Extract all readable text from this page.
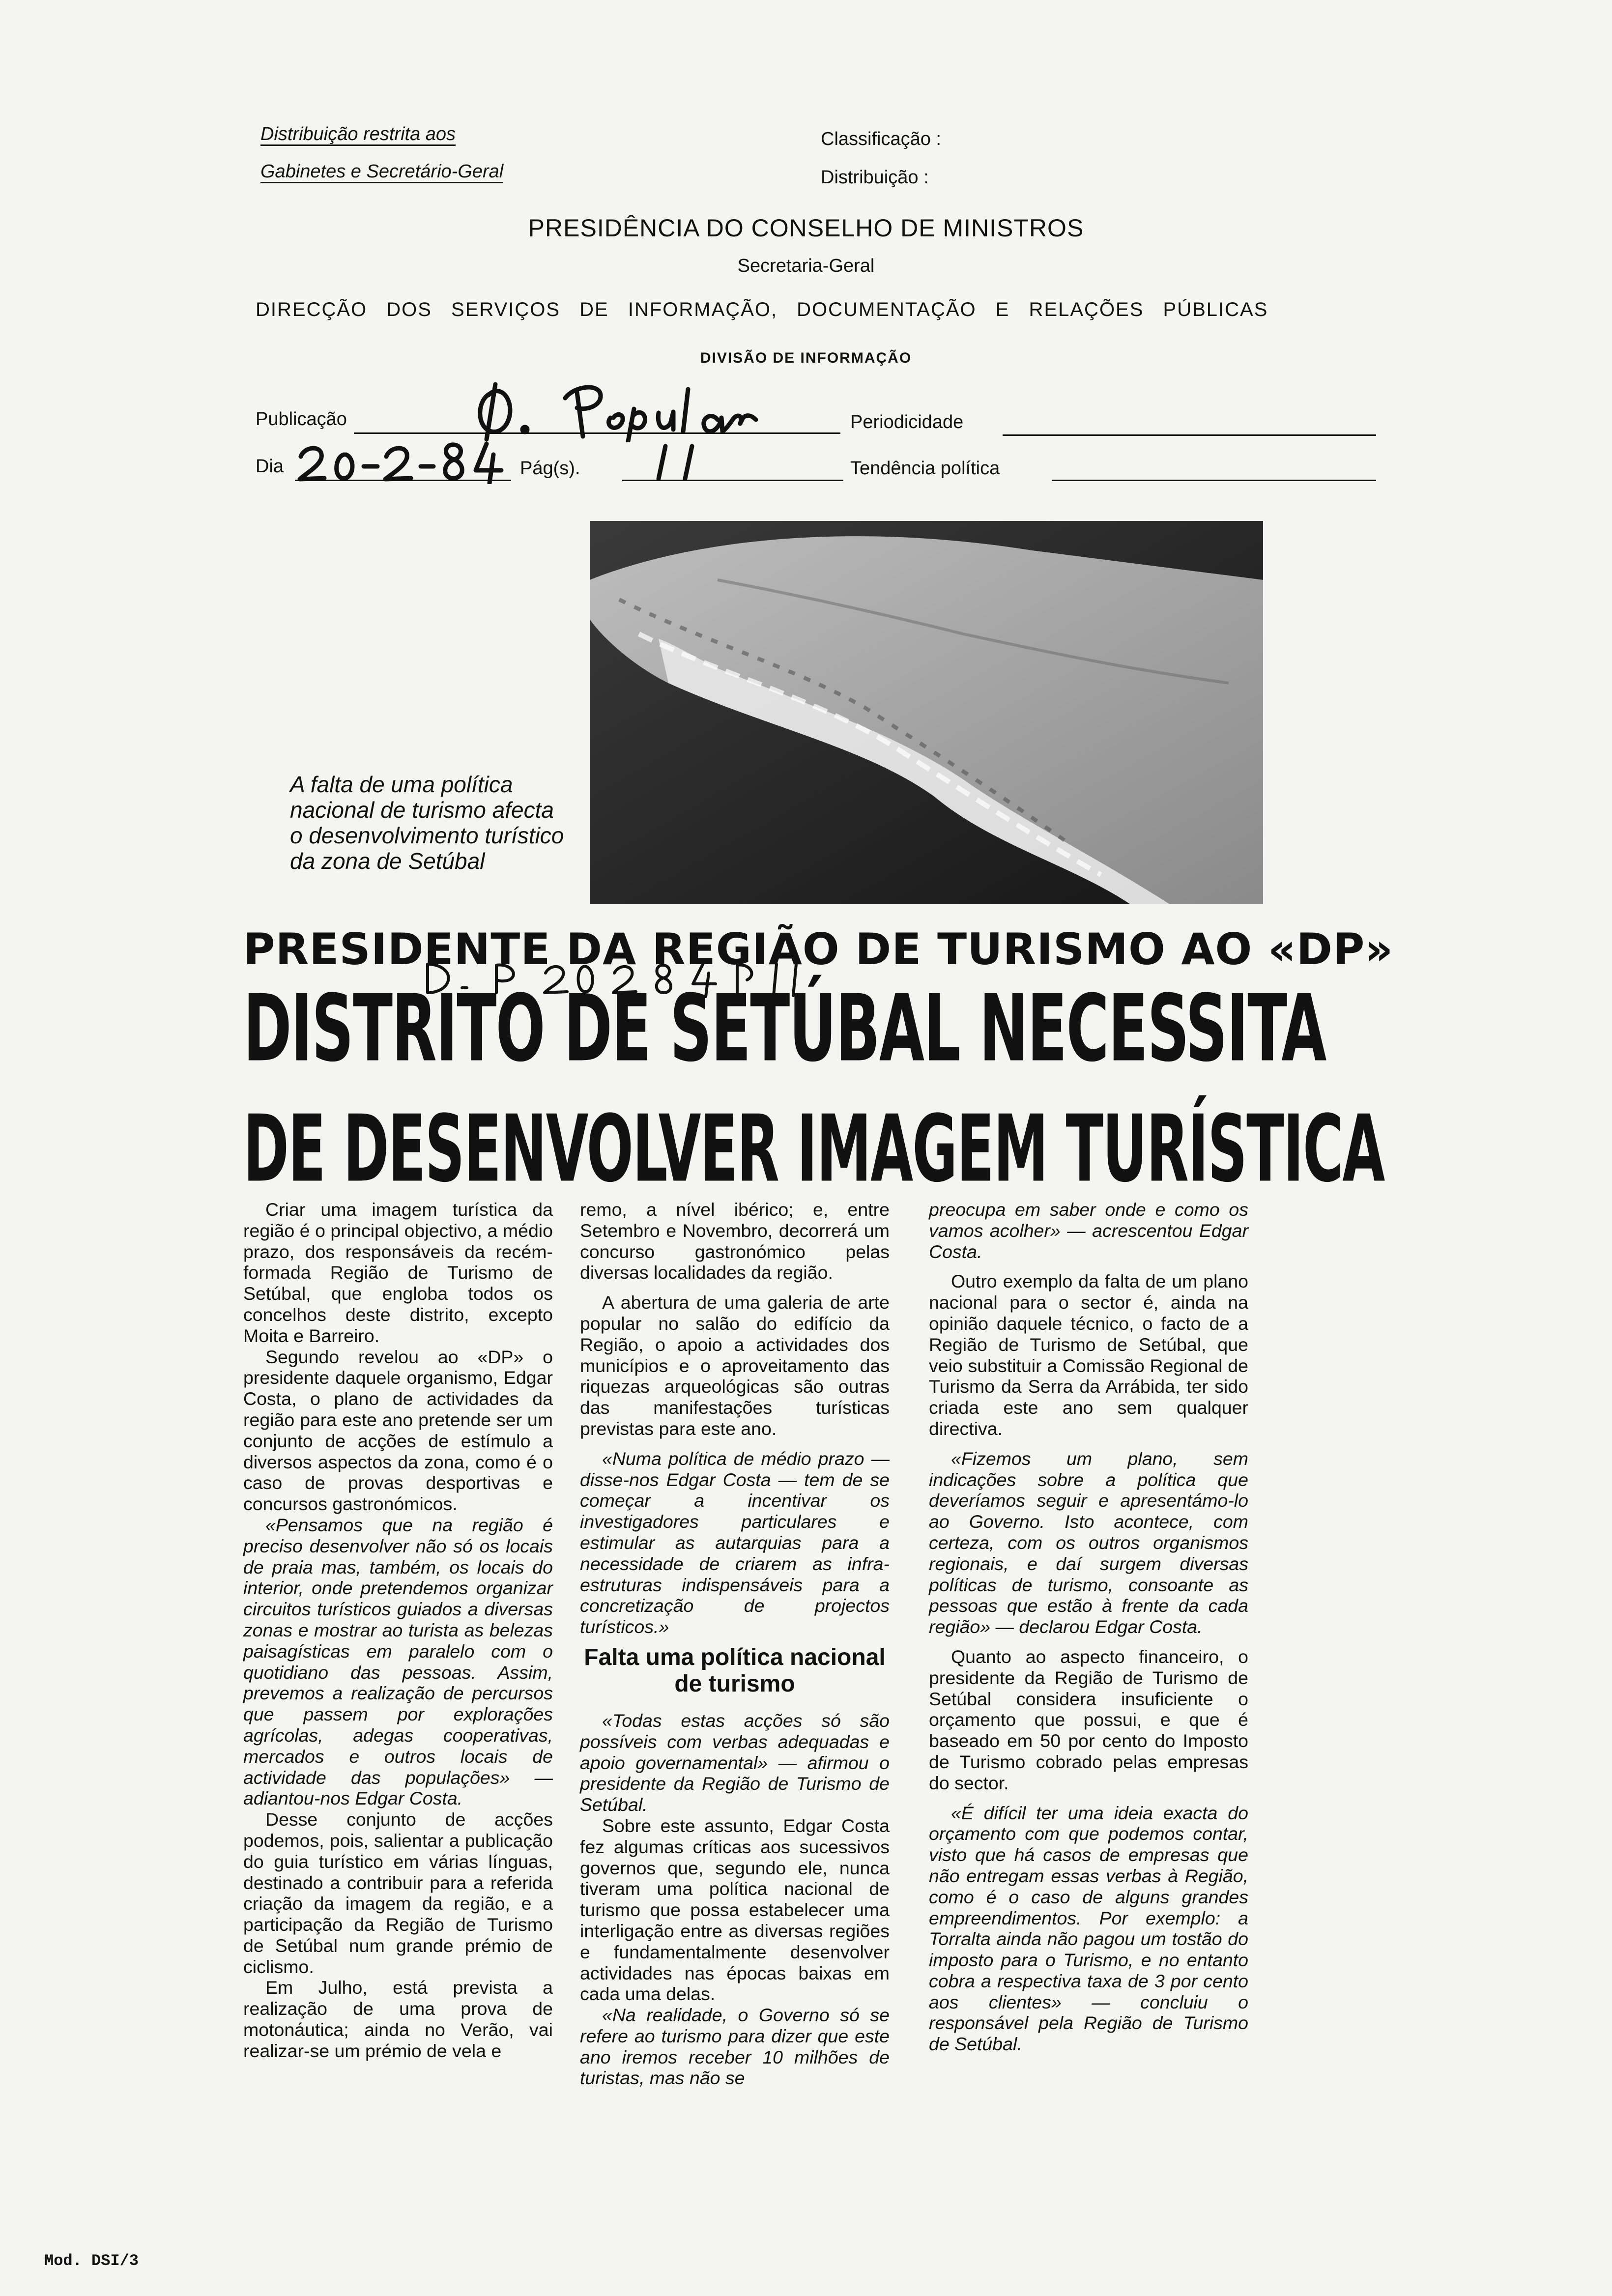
Distribuição restrita aos
Gabinetes e Secretário-Geral
Classificação :
Distribuição :
PRESIDÊNCIA DO CONSELHO DE MINISTROS
Secretaria-Geral
DIRECÇÃO DOS SERVIÇOS DE INFORMAÇÃO, DOCUMENTAÇÃO E RELAÇÕES PÚBLICAS
DIVISÃO DE INFORMAÇÃO
Publicação	Periodicidade
Dia	Pág(s).	Tendência política
A falta de uma política nacional de turismo afecta o desenvolvimento turístico da zona de Setúbal
PRESIDENTE DA REGIÃO DE TURISMO AO «DP»
DISTRITO DE SETÚBAL NECESSITA
DE DESENVOLVER IMAGEM TURÍSTICA

Criar uma imagem turística da região é o principal objectivo, a médio prazo, dos responsáveis da recém-formada Região de Turismo de Setúbal, que engloba todos os concelhos deste distrito, excepto Moita e Barreiro.

Segundo revelou ao «DP» o presidente daquele organismo, Edgar Costa, o plano de actividades da região para este ano pretende ser um conjunto de acções de estímulo a diversos aspectos da zona, como é o caso de provas desportivas e concursos gastronómicos.

«Pensamos que na região é preciso desenvolver não só os locais de praia mas, também, os locais do interior, onde pretendemos organizar circuitos turísticos guiados a diversas zonas e mostrar ao turista as belezas paisagísticas em paralelo com o quotidiano das pessoas. Assim, prevemos a realização de percursos que passem por explorações agrícolas, adegas cooperativas, mercados e outros locais de actividade das populações» — adiantou-nos Edgar Costa.

Desse conjunto de acções podemos, pois, salientar a publicação do guia turístico em várias línguas, destinado a contribuir para a referida criação da imagem da região, e a participação da Região de Turismo de Setúbal num grande prémio de ciclismo.

Em Julho, está prevista a realização de uma prova de motonáutica; ainda no Verão, vai realizar-se um prémio de vela e

remo, a nível ibérico; e, entre Setembro e Novembro, decorrerá um concurso gastronómico pelas diversas localidades da região.

A abertura de uma galeria de arte popular no salão do edifício da Região, o apoio a actividades dos municípios e o aproveitamento das riquezas arqueológicas são outras das manifestações turísticas previstas para este ano.

«Numa política de médio prazo — disse-nos Edgar Costa — tem de se começar a incentivar os investigadores particulares e estimular as autarquias para a necessidade de criarem as infra-estruturas indispensáveis para a concretização de projectos turísticos.»

Falta uma política nacional de turismo

«Todas estas acções só são possíveis com verbas adequadas e apoio governamental» — afirmou o presidente da Região de Turismo de Setúbal.

Sobre este assunto, Edgar Costa fez algumas críticas aos sucessivos governos que, segundo ele, nunca tiveram uma política nacional de turismo que possa estabelecer uma interligação entre as diversas regiões e fundamentalmente desenvolver actividades nas épocas baixas em cada uma delas.

«Na realidade, o Governo só se refere ao turismo para dizer que este ano iremos receber 10 milhões de turistas, mas não se

preocupa em saber onde e como os vamos acolher» — acrescentou Edgar Costa.

Outro exemplo da falta de um plano nacional para o sector é, ainda na opinião daquele técnico, o facto de a Região de Turismo de Setúbal, que veio substituir a Comissão Regional de Turismo da Serra da Arrábida, ter sido criada este ano sem qualquer directiva.

«Fizemos um plano, sem indicações sobre a política que deveríamos seguir e apresentámo-lo ao Governo. Isto acontece, com certeza, com os outros organismos regionais, e daí surgem diversas políticas de turismo, consoante as pessoas que estão à frente da cada região» — declarou Edgar Costa.

Quanto ao aspecto financeiro, o presidente da Região de Turismo de Setúbal considera insuficiente o orçamento que possui, e que é baseado em 50 por cento do Imposto de Turismo cobrado pelas empresas do sector.

«É difícil ter uma ideia exacta do orçamento com que podemos contar, visto que há casos de empresas que não entregam essas verbas à Região, como é o caso de alguns grandes empreendimentos. Por exemplo: a Torralta ainda não pagou um tostão do imposto para o Turismo, e no entanto cobra a respectiva taxa de 3 por cento aos clientes» — concluiu o responsável pela Região de Turismo de Setúbal.

Mod. DSI/3
